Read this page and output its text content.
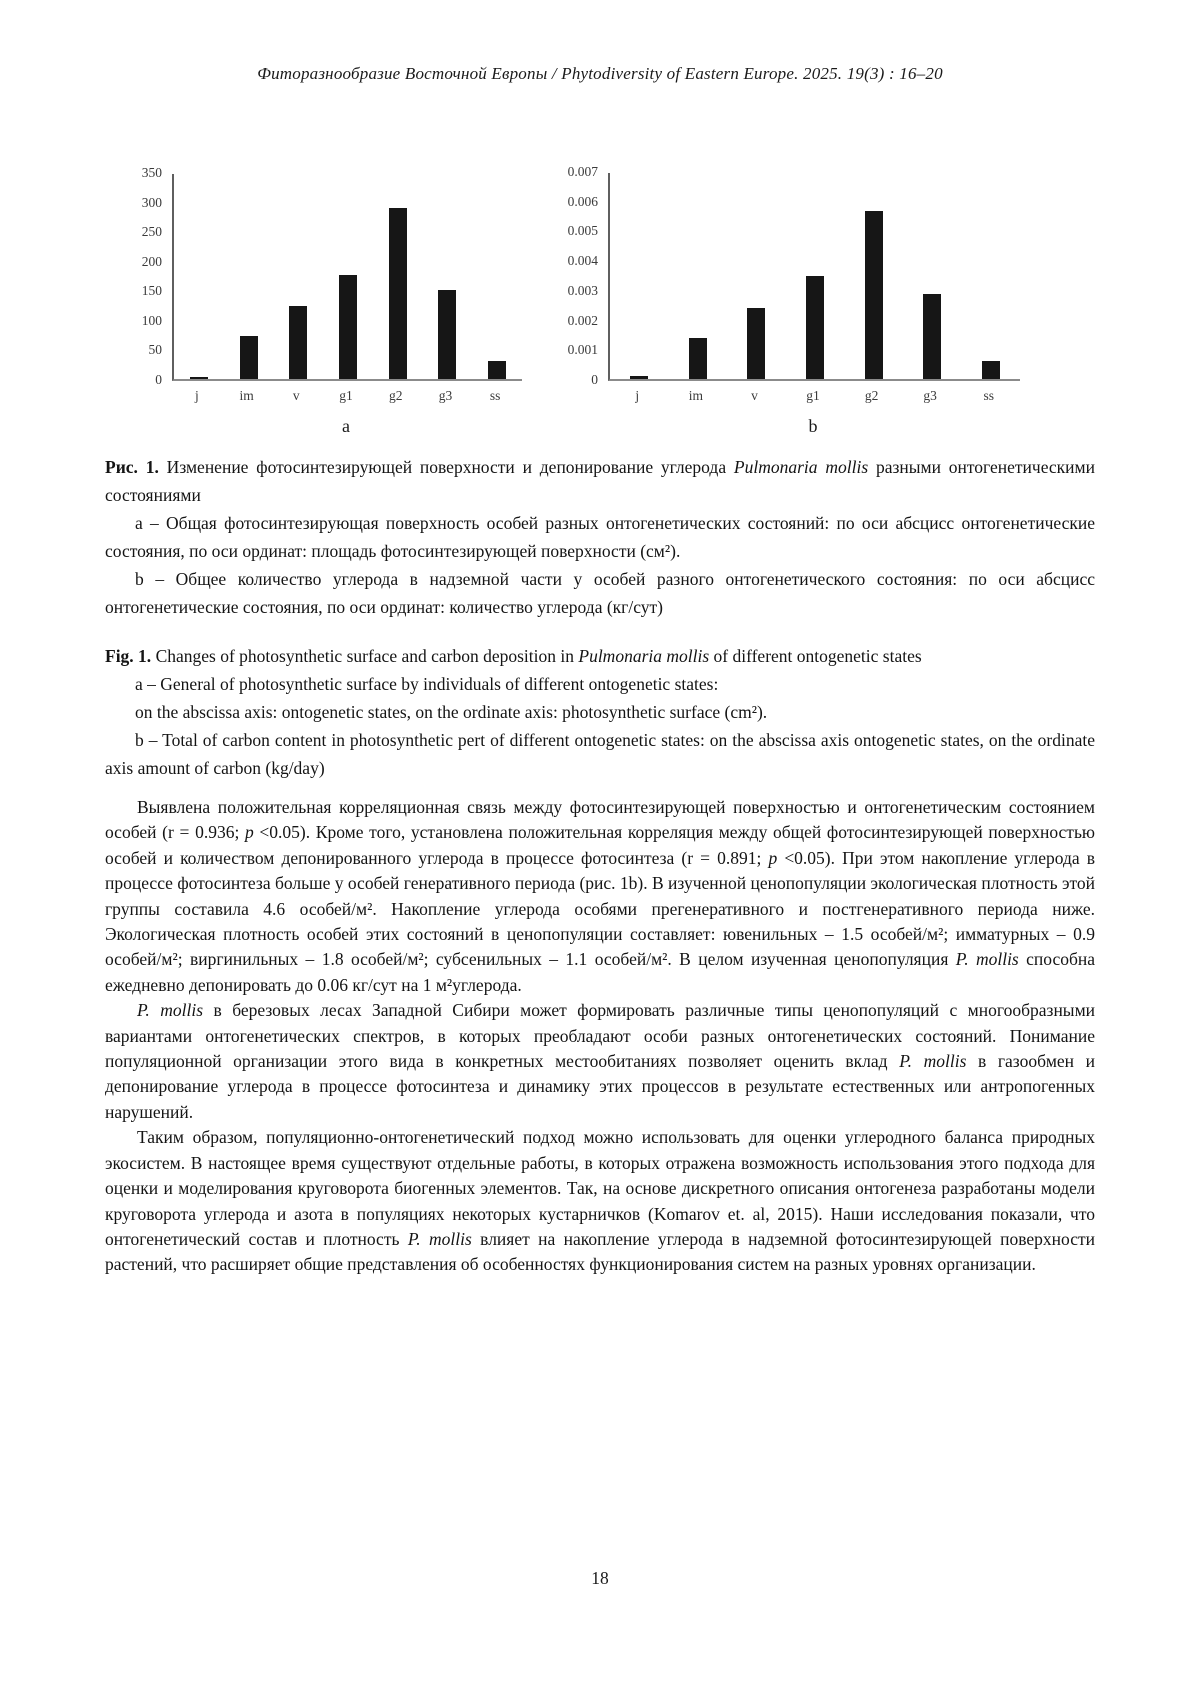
Фиторазнообразие Восточной Европы / Phytodiversity of Eastern Europe. 2025. 19(3) : 16–20
j	im	v	g1	g2	g3	ss
a
0
50
100
150
200
250
300
350
j	im	v	g1	g2	g3	ss
b
0
0.001
0.002
0.003
0.004
0.005
0.006
0.007

Рис. 1. Изменение фотосинтезирующей поверхности и депонирование углерода Pulmonaria mollis разными онтогенетическими состояниями

а – Общая фотосинтезирующая поверхность особей разных онтогенетических состояний: по оси абсцисс онтогенетические состояния, по оси ординат: площадь фотосинтезирующей поверхности (см²).

b – Общее количество углерода в надземной части у особей разного онтогенетического состояния: по оси абсцисс онтогенетические состояния, по оси ординат: количество углерода (кг/сут)

Fig. 1. Changes of photosynthetic surface and carbon deposition in Pulmonaria mollis of different ontogenetic states

a – General of photosynthetic surface by individuals of different ontogenetic states:

on the abscissa axis: ontogenetic states, on the ordinate axis: photosynthetic surface (cm²).

b – Total of carbon content in photosynthetic pert of different ontogenetic states: on the abscissa axis ontogenetic states, on the ordinate axis amount of carbon (kg/day)

Выявлена положительная корреляционная связь между фотосинтезирующей поверхностью и онтогенетическим состоянием особей (r = 0.936; p <0.05). Кроме того, установлена положительная корреляция между общей фотосинтезирующей поверхностью особей и количеством депонированного углерода в процессе фотосинтеза (r = 0.891; p <0.05). При этом накопление углерода в процессе фотосинтеза больше у особей генеративного периода (рис. 1b). В изученной ценопопуляции экологическая плотность этой группы составила 4.6 особей/м². Накопление углерода особями прегенеративного и постгенеративного периода ниже. Экологическая плотность особей этих состояний в ценопопуляции составляет: ювенильных – 1.5 особей/м²; имматурных – 0.9 особей/м²; виргинильных – 1.8 особей/м²; субсенильных – 1.1 особей/м². В целом изученная ценопопуляция P. mollis способна ежедневно депонировать до 0.06 кг/сут на 1 м²углерода.

P. mollis в березовых лесах Западной Сибири может формировать различные типы ценопопуляций с многообразными вариантами онтогенетических спектров, в которых преобладают особи разных онтогенетических состояний. Понимание популяционной организации этого вида в конкретных местообитаниях позволяет оценить вклад P. mollis в газообмен и депонирование углерода в процессе фотосинтеза и динамику этих процессов в результате естественных или антропогенных нарушений.

Таким образом, популяционно-онтогенетический подход можно использовать для оценки углеродного баланса природных экосистем. В настоящее время существуют отдельные работы, в которых отражена возможность использования этого подхода для оценки и моделирования круговорота биогенных элементов. Так, на основе дискретного описания онтогенеза разработаны модели круговорота углерода и азота в популяциях некоторых кустарничков (Komarov et. al, 2015). Наши исследования показали, что онтогенетический состав и плотность P. mollis влияет на накопление углерода в надземной фотосинтезирующей поверхности растений, что расширяет общие представления об особенностях функционирования систем на разных уровнях организации.

18
